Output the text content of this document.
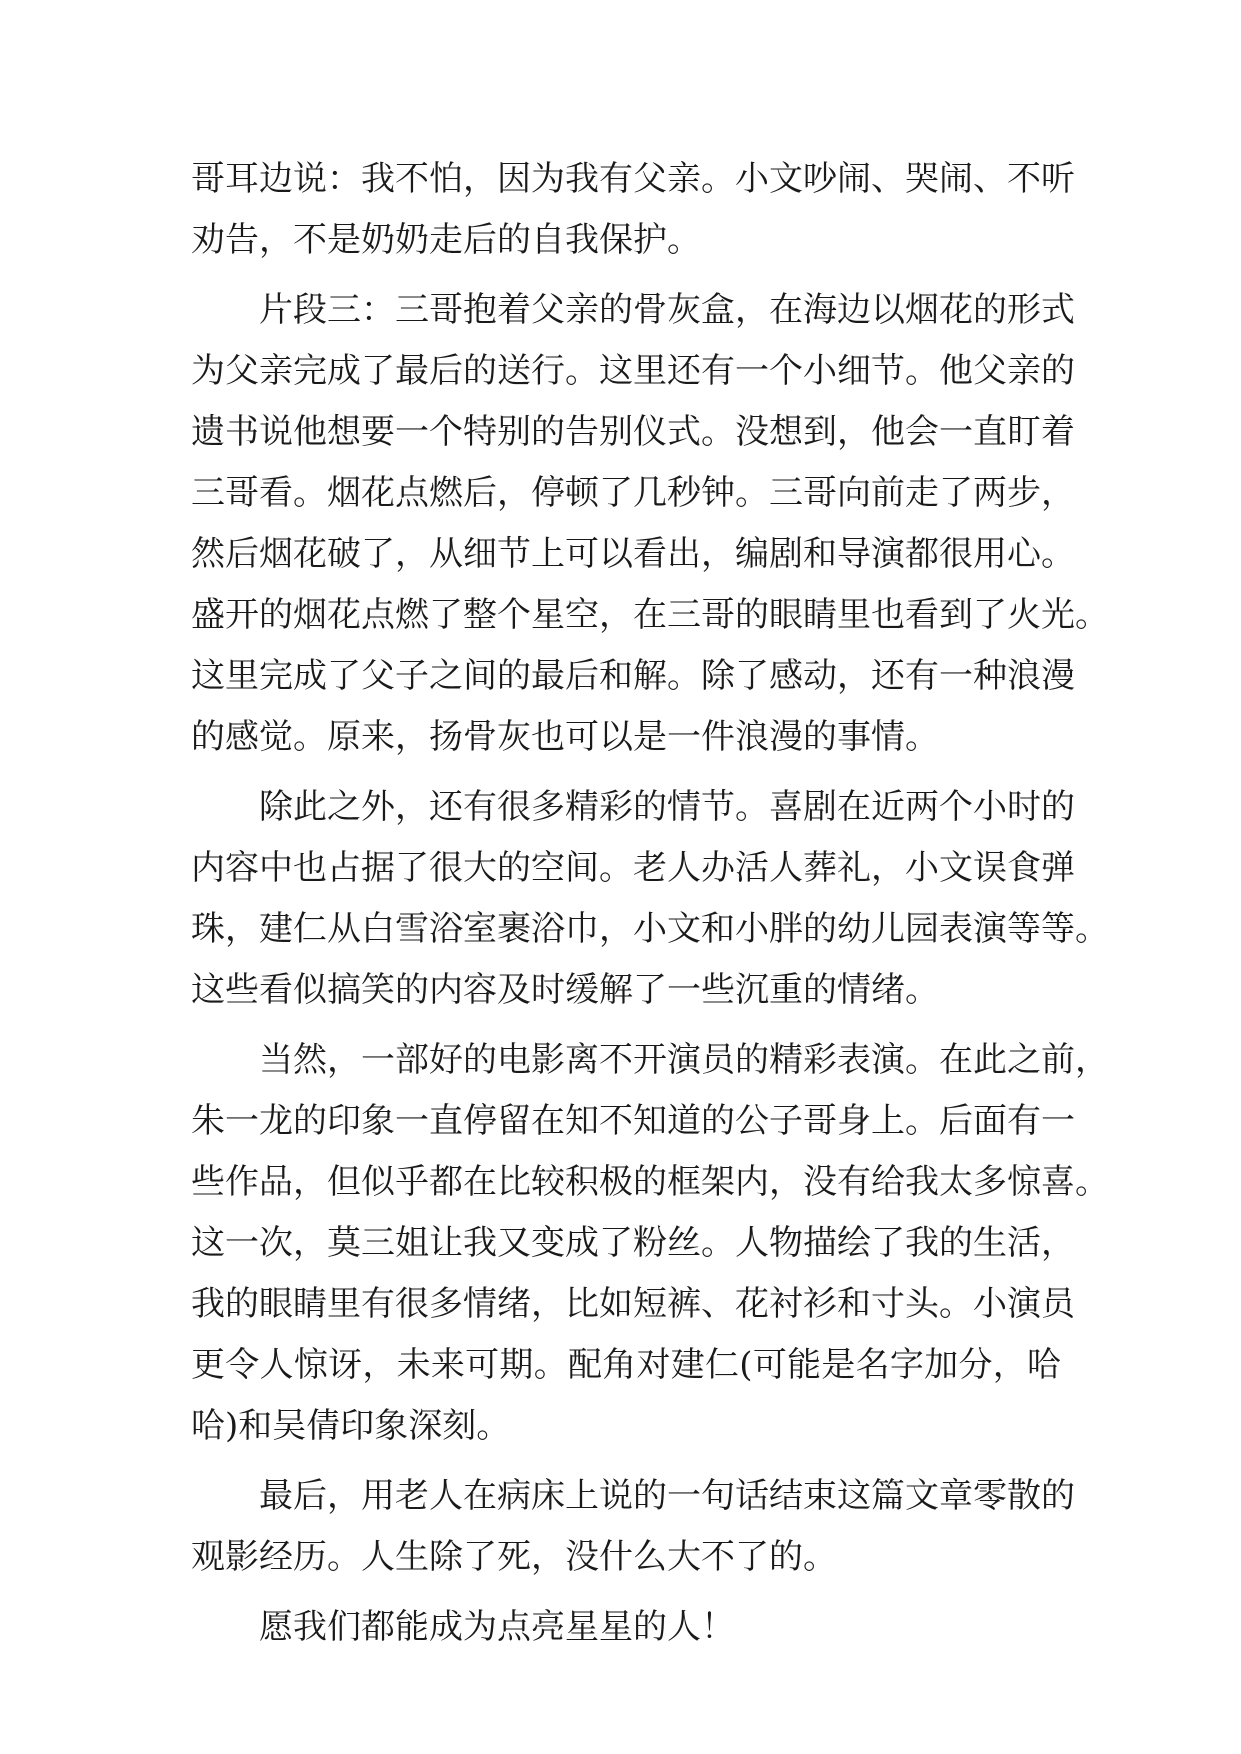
哥耳边说：我不怕，因为我有父亲。小文吵闹、哭闹、不听
劝告，不是奶奶走后的自我保护。
片段三：三哥抱着父亲的骨灰盒，在海边以烟花的形式
为父亲完成了最后的送行。这里还有一个小细节。他父亲的
遗书说他想要一个特别的告别仪式。没想到，他会一直盯着
三哥看。烟花点燃后，停顿了几秒钟。三哥向前走了两步，
然后烟花破了，从细节上可以看出，编剧和导演都很用心。
盛开的烟花点燃了整个星空，在三哥的眼睛里也看到了火光。
这里完成了父子之间的最后和解。除了感动，还有一种浪漫
的感觉。原来，扬骨灰也可以是一件浪漫的事情。
除此之外，还有很多精彩的情节。喜剧在近两个小时的
内容中也占据了很大的空间。老人办活人葬礼，小文误食弹
珠，建仁从白雪浴室裹浴巾，小文和小胖的幼儿园表演等等。
这些看似搞笑的内容及时缓解了一些沉重的情绪。
当然，一部好的电影离不开演员的精彩表演。在此之前，
朱一龙的印象一直停留在知不知道的公子哥身上。后面有一
些作品，但似乎都在比较积极的框架内，没有给我太多惊喜。
这一次，莫三姐让我又变成了粉丝。人物描绘了我的生活，
我的眼睛里有很多情绪，比如短裤、花衬衫和寸头。小演员
更令人惊讶，未来可期。配角对建仁(可能是名字加分，哈
哈)和吴倩印象深刻。
最后，用老人在病床上说的一句话结束这篇文章零散的
观影经历。人生除了死，没什么大不了的。
愿我们都能成为点亮星星的人！
